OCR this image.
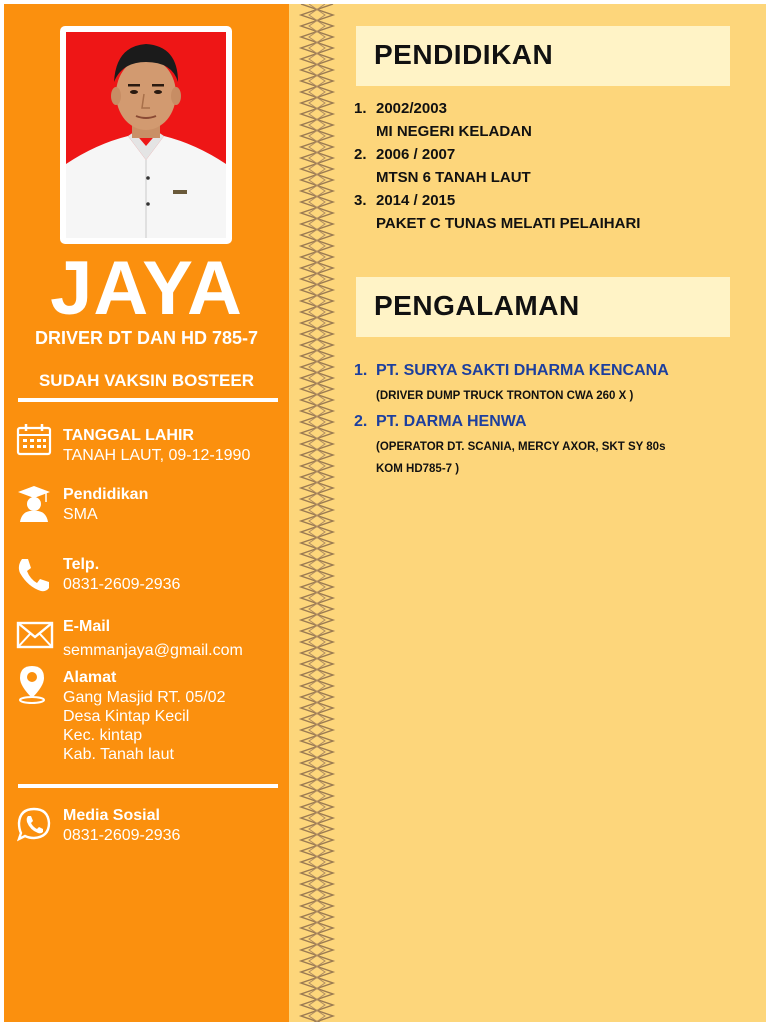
JAYA
DRIVER DT DAN HD 785-7
SUDAH VAKSIN BOSTEER
TANGGAL LAHIR
TANAH LAUT, 09-12-1990
Pendidikan
SMA
Telp.
0831-2609-2936
E-Mail
semmanjaya@gmail.com
Alamat
Gang Masjid RT. 05/02
Desa Kintap Kecil
Kec. kintap
Kab. Tanah laut
Media Sosial
0831-2609-2936
PENDIDIKAN
1. 2002/2003
MI NEGERI KELADAN
2. 2006 / 2007
MTSN 6 TANAH LAUT
3. 2014 / 2015
PAKET C TUNAS MELATI PELAIHARI
PENGALAMAN
1. PT. SURYA SAKTI DHARMA KENCANA
(DRIVER DUMP TRUCK TRONTON CWA 260 X )
2. PT. DARMA HENWA
(OPERATOR DT. SCANIA, MERCY AXOR, SKT SY 80s
KOM HD785-7 )
